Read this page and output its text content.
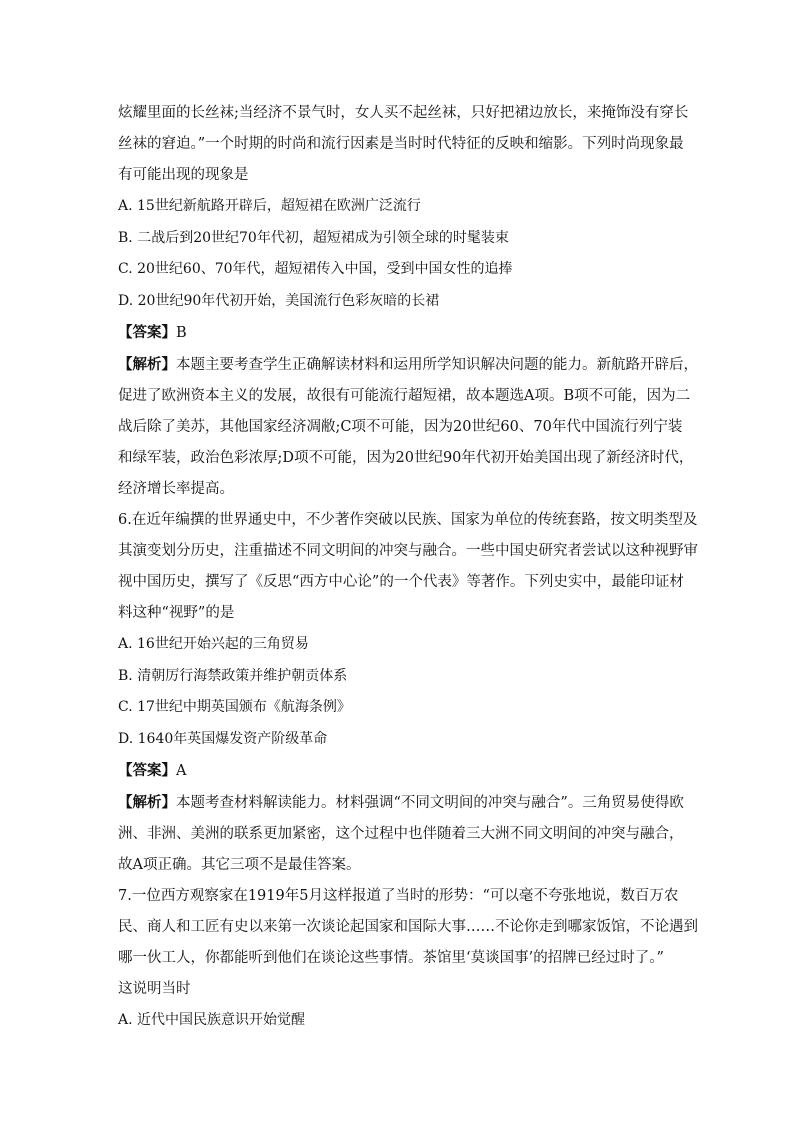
炫耀里面的长丝袜;当经济不景气时，女人买不起丝袜，只好把裙边放长，来掩饰没有穿长
丝袜的窘迫。”一个时期的时尚和流行因素是当时时代特征的反映和缩影。下列时尚现象最
有可能出现的现象是
A. 15世纪新航路开辟后，超短裙在欧洲广泛流行
B. 二战后到20世纪70年代初，超短裙成为引领全球的时髦装束
C. 20世纪60、70年代，超短裙传入中国，受到中国女性的追捧
D. 20世纪90年代初开始，美国流行色彩灰暗的长裙
【答案】B
【解析】本题主要考查学生正确解读材料和运用所学知识解决问题的能力。新航路开辟后，
促进了欧洲资本主义的发展，故很有可能流行超短裙，故本题选A项。B项不可能，因为二
战后除了美苏，其他国家经济凋敝;C项不可能，因为20世纪60、70年代中国流行列宁装
和绿军装，政治色彩浓厚;D项不可能，因为20世纪90年代初开始美国出现了新经济时代，
经济增长率提高。
6.在近年编撰的世界通史中，不少著作突破以民族、国家为单位的传统套路，按文明类型及
其演变划分历史，注重描述不同文明间的冲突与融合。一些中国史研究者尝试以这种视野审
视中国历史，撰写了《反思“西方中心论”的一个代表》等著作。下列史实中，最能印证材
料这种“视野”的是
A. 16世纪开始兴起的三角贸易
B. 清朝厉行海禁政策并维护朝贡体系
C. 17世纪中期英国颁布《航海条例》
D. 1640年英国爆发资产阶级革命
【答案】A
【解析】本题考查材料解读能力。材料强调“不同文明间的冲突与融合”。三角贸易使得欧
洲、非洲、美洲的联系更加紧密，这个过程中也伴随着三大洲不同文明间的冲突与融合，
故A项正确。其它三项不是最佳答案。
7.一位西方观察家在1919年5月这样报道了当时的形势：“可以毫不夸张地说，数百万农
民、商人和工匠有史以来第一次谈论起国家和国际大事……不论你走到哪家饭馆，不论遇到
哪一伙工人，你都能听到他们在谈论这些事情。茶馆里‘莫谈国事’的招牌已经过时了。”
这说明当时
A. 近代中国民族意识开始觉醒
